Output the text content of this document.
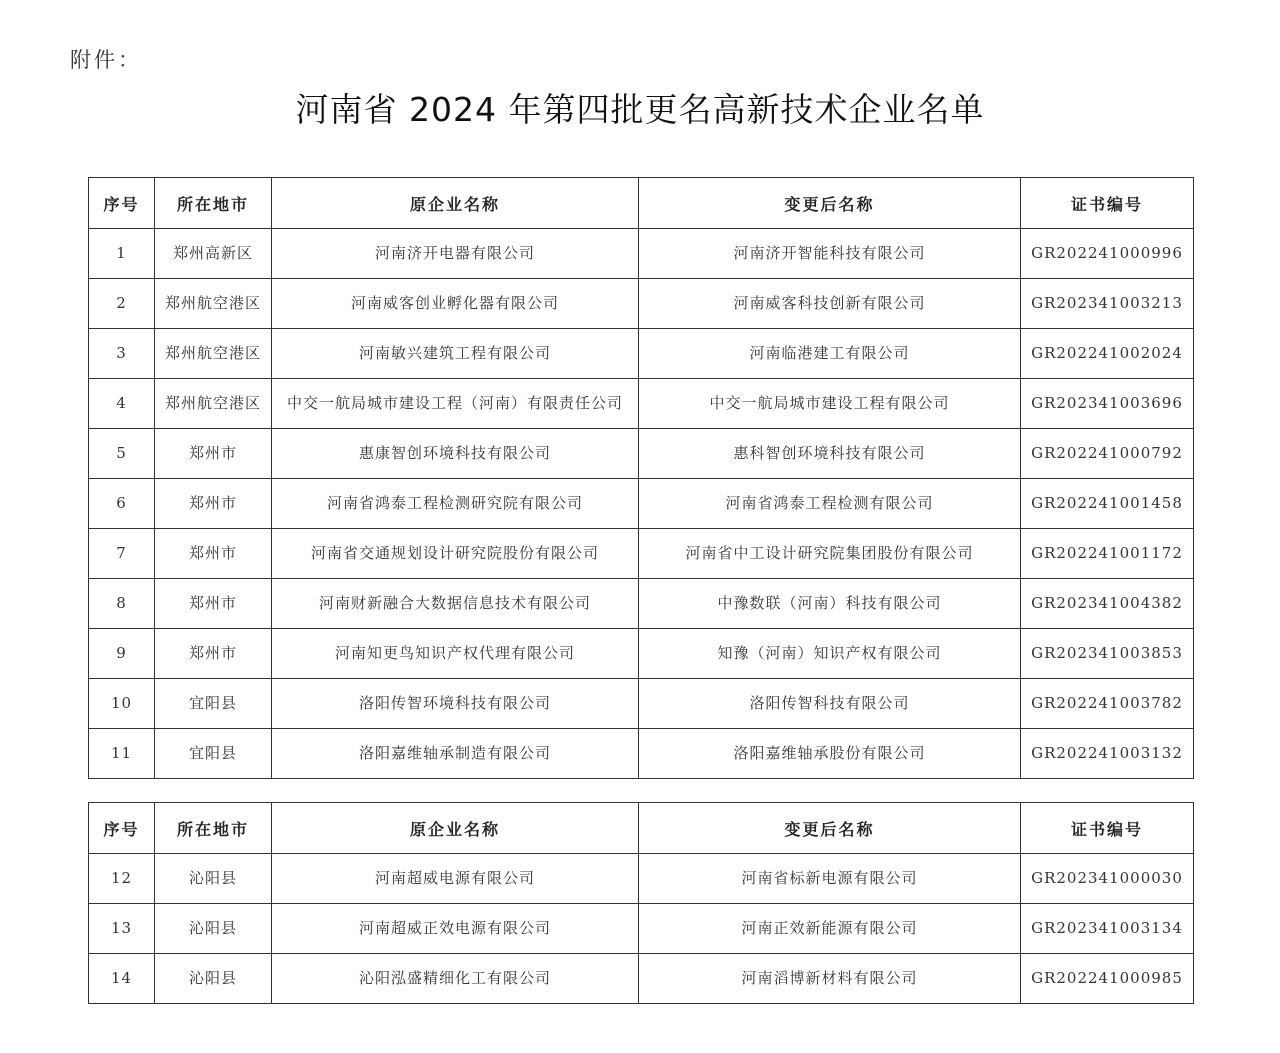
附件：
河南省 2024 年第四批更名高新技术企业名单
序号	所在地市	原企业名称	变更后名称	证书编号
1	郑州高新区	河南济开电器有限公司	河南济开智能科技有限公司	GR202241000996
2	郑州航空港区	河南威客创业孵化器有限公司	河南威客科技创新有限公司	GR202341003213
3	郑州航空港区	河南敏兴建筑工程有限公司	河南临港建工有限公司	GR202241002024
4	郑州航空港区	中交一航局城市建设工程（河南）有限责任公司	中交一航局城市建设工程有限公司	GR202341003696
5	郑州市	惠康智创环境科技有限公司	惠科智创环境科技有限公司	GR202241000792
6	郑州市	河南省鸿泰工程检测研究院有限公司	河南省鸿泰工程检测有限公司	GR202241001458
7	郑州市	河南省交通规划设计研究院股份有限公司	河南省中工设计研究院集团股份有限公司	GR202241001172
8	郑州市	河南财新融合大数据信息技术有限公司	中豫数联（河南）科技有限公司	GR202341004382
9	郑州市	河南知更鸟知识产权代理有限公司	知豫（河南）知识产权有限公司	GR202341003853
10	宜阳县	洛阳传智环境科技有限公司	洛阳传智科技有限公司	GR202241003782
11	宜阳县	洛阳嘉维轴承制造有限公司	洛阳嘉维轴承股份有限公司	GR202241003132
序号	所在地市	原企业名称	变更后名称	证书编号
12	沁阳县	河南超威电源有限公司	河南省标新电源有限公司	GR202341000030
13	沁阳县	河南超威正效电源有限公司	河南正效新能源有限公司	GR202341003134
14	沁阳县	沁阳泓盛精细化工有限公司	河南滔博新材料有限公司	GR202241000985
